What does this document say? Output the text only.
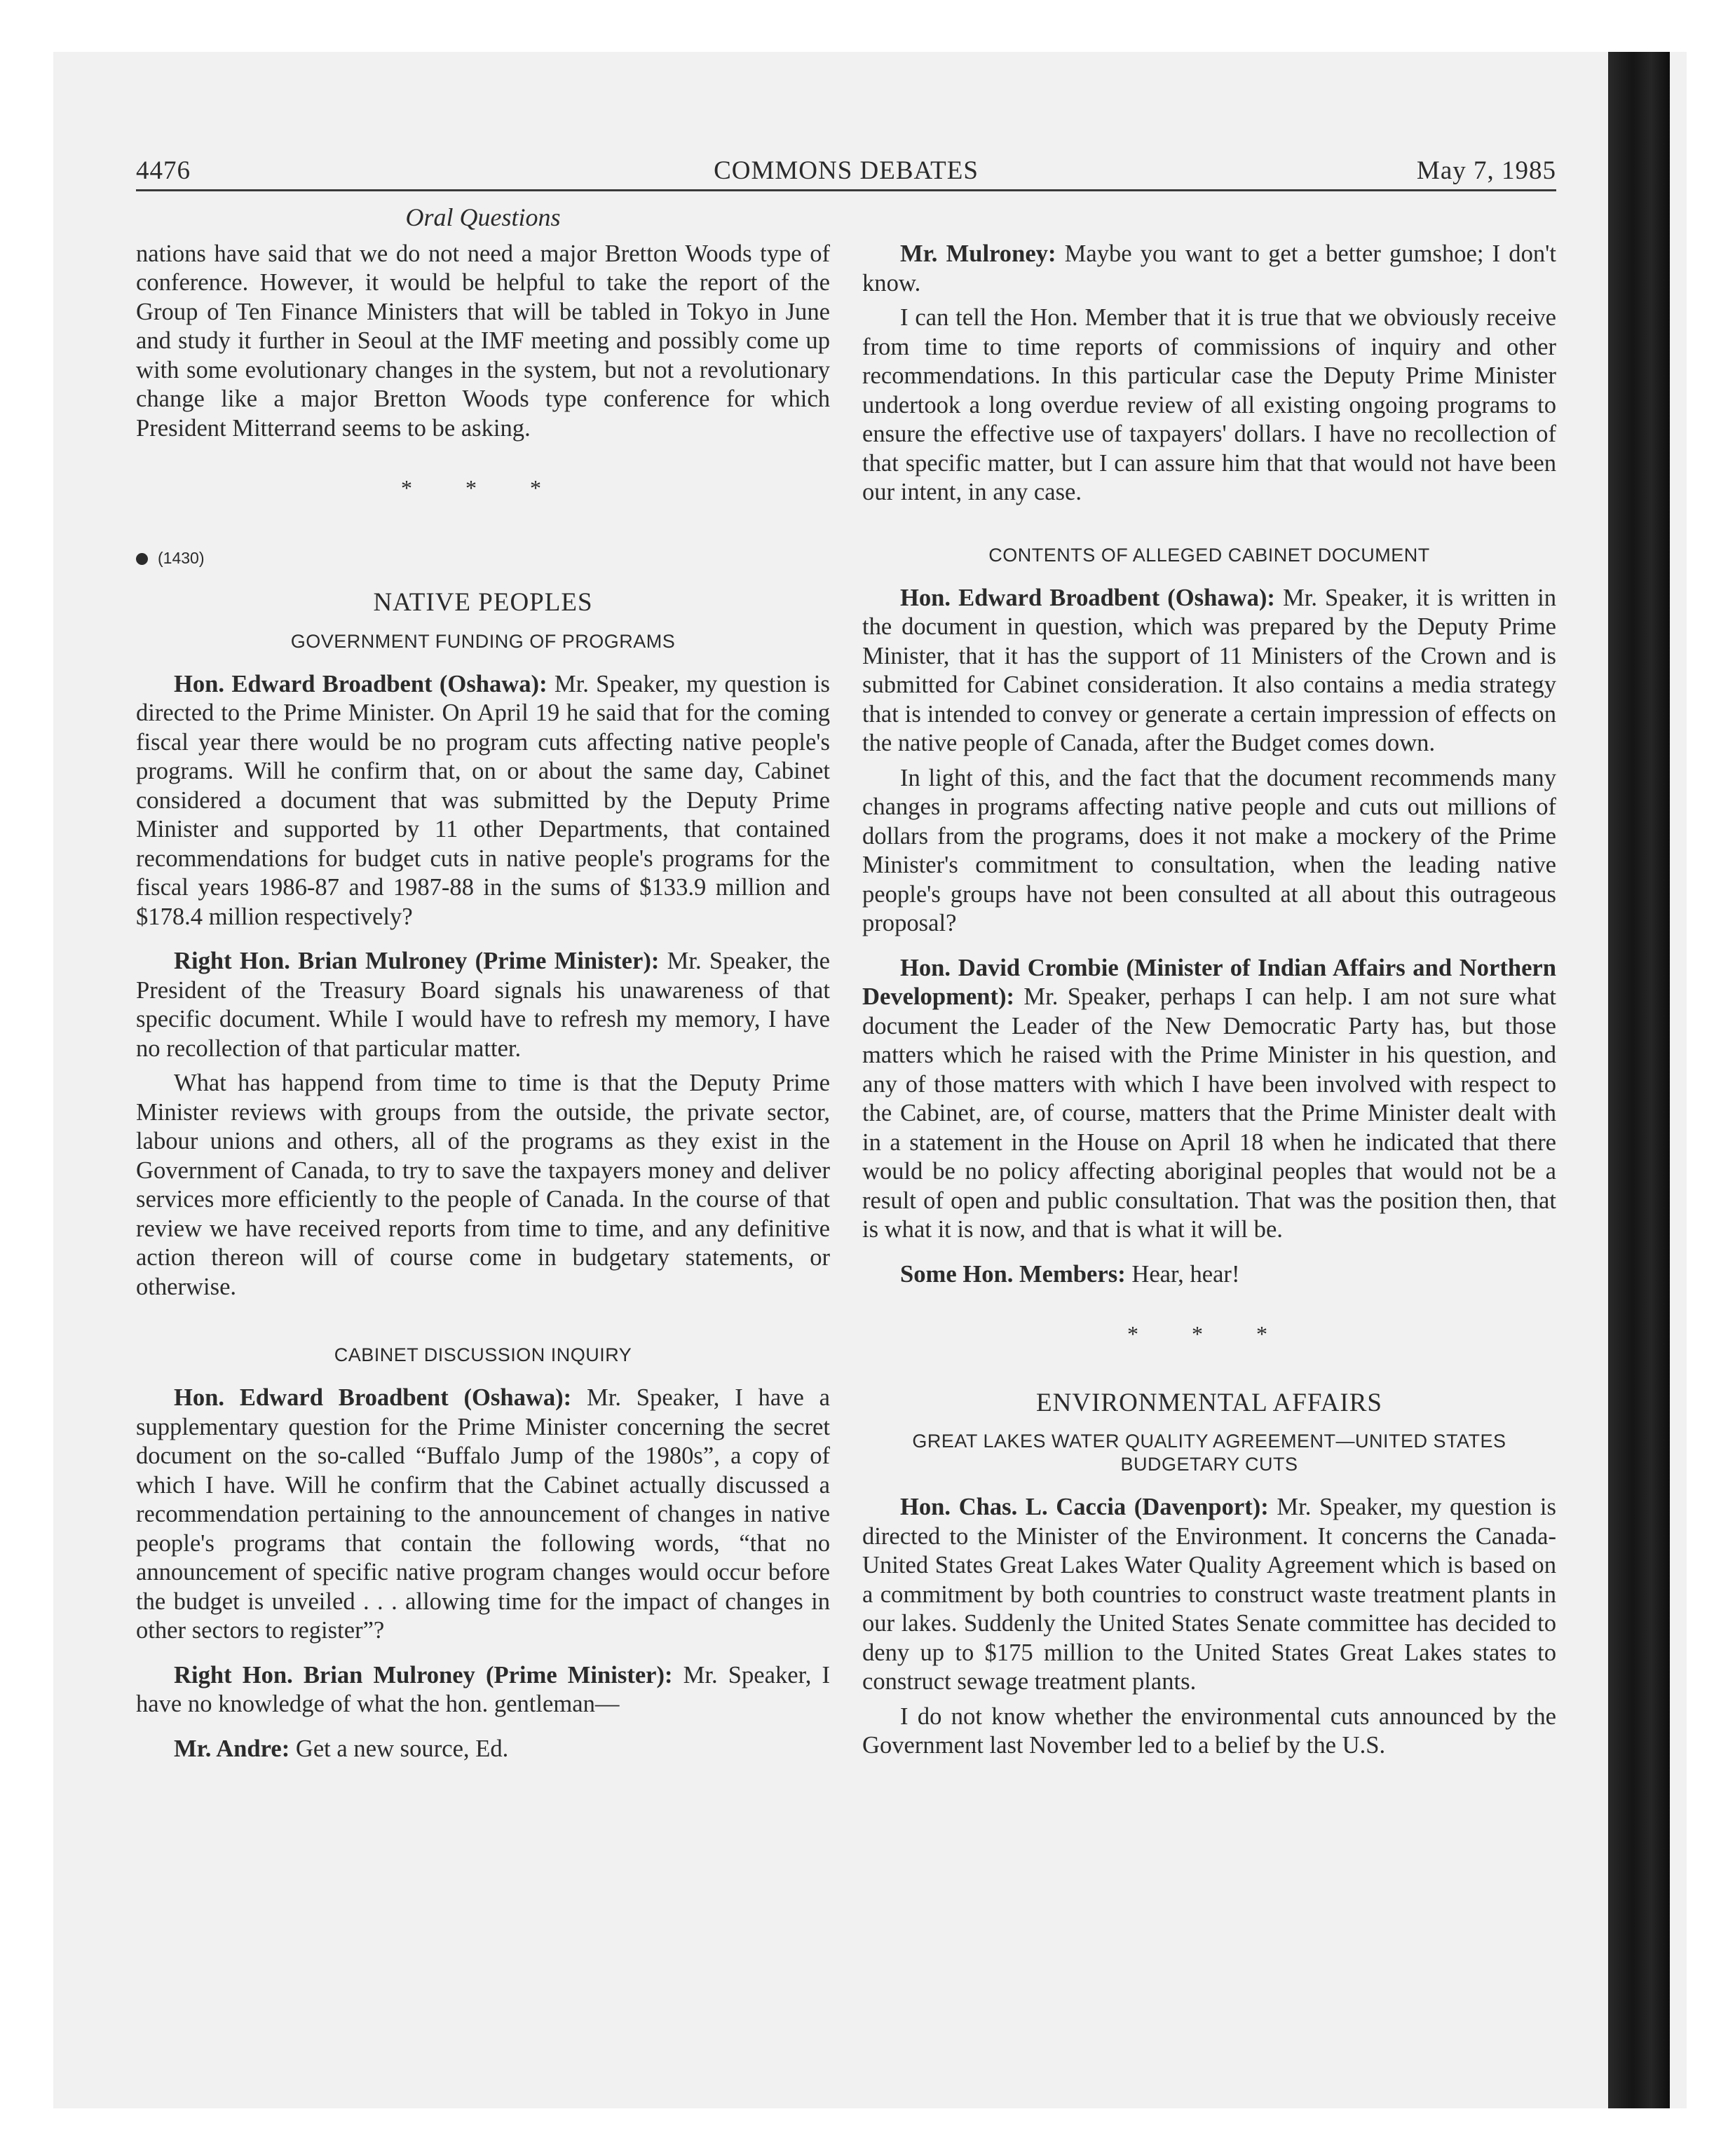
4476	COMMONS DEBATES	May 7, 1985
Oral Questions

nations have said that we do not need a major Bretton Woods type of conference. However, it would be helpful to take the report of the Group of Ten Finance Ministers that will be tabled in Tokyo in June and study it further in Seoul at the IMF meeting and possibly come up with some evolutionary changes in the system, but not a revolutionary change like a major Bretton Woods type conference for which President Mitterrand seems to be asking.

* * *
(1430)
NATIVE PEOPLES
GOVERNMENT FUNDING OF PROGRAMS

Hon. Edward Broadbent (Oshawa): Mr. Speaker, my question is directed to the Prime Minister. On April 19 he said that for the coming fiscal year there would be no program cuts affecting native people's programs. Will he confirm that, on or about the same day, Cabinet considered a document that was submitted by the Deputy Prime Minister and supported by 11 other Departments, that contained recommendations for budget cuts in native people's programs for the fiscal years 1986-87 and 1987-88 in the sums of $133.9 million and $178.4 million respectively?

Right Hon. Brian Mulroney (Prime Minister): Mr. Speaker, the President of the Treasury Board signals his unawareness of that specific document. While I would have to refresh my memory, I have no recollection of that particular matter.

What has happend from time to time is that the Deputy Prime Minister reviews with groups from the outside, the private sector, labour unions and others, all of the programs as they exist in the Government of Canada, to try to save the taxpayers money and deliver services more efficiently to the people of Canada. In the course of that review we have received reports from time to time, and any definitive action thereon will of course come in budgetary statements, or otherwise.

CABINET DISCUSSION INQUIRY

Hon. Edward Broadbent (Oshawa): Mr. Speaker, I have a supplementary question for the Prime Minister concerning the secret document on the so-called “Buffalo Jump of the 1980s”, a copy of which I have. Will he confirm that the Cabinet actually discussed a recommendation pertaining to the announcement of changes in native people's programs that contain the following words, “that no announcement of specific native program changes would occur before the budget is unveiled . . . allowing time for the impact of changes in other sectors to register”?

Right Hon. Brian Mulroney (Prime Minister): Mr. Speaker, I have no knowledge of what the hon. gentleman—

Mr. Andre: Get a new source, Ed.

Mr. Mulroney: Maybe you want to get a better gumshoe; I don't know.

I can tell the Hon. Member that it is true that we obviously receive from time to time reports of commissions of inquiry and other recommendations. In this particular case the Deputy Prime Minister undertook a long overdue review of all existing ongoing programs to ensure the effective use of taxpayers' dollars. I have no recollection of that specific matter, but I can assure him that that would not have been our intent, in any case.

CONTENTS OF ALLEGED CABINET DOCUMENT

Hon. Edward Broadbent (Oshawa): Mr. Speaker, it is written in the document in question, which was prepared by the Deputy Prime Minister, that it has the support of 11 Ministers of the Crown and is submitted for Cabinet consideration. It also contains a media strategy that is intended to convey or generate a certain impression of effects on the native people of Canada, after the Budget comes down.

In light of this, and the fact that the document recommends many changes in programs affecting native people and cuts out millions of dollars from the programs, does it not make a mockery of the Prime Minister's commitment to consultation, when the leading native people's groups have not been consulted at all about this outrageous proposal?

Hon. David Crombie (Minister of Indian Affairs and Northern Development): Mr. Speaker, perhaps I can help. I am not sure what document the Leader of the New Democratic Party has, but those matters which he raised with the Prime Minister in his question, and any of those matters with which I have been involved with respect to the Cabinet, are, of course, matters that the Prime Minister dealt with in a statement in the House on April 18 when he indicated that there would be no policy affecting aboriginal peoples that would not be a result of open and public consultation. That was the position then, that is what it is now, and that is what it will be.

Some Hon. Members: Hear, hear!

* * *
ENVIRONMENTAL AFFAIRS
GREAT LAKES WATER QUALITY AGREEMENT—UNITED STATES BUDGETARY CUTS

Hon. Chas. L. Caccia (Davenport): Mr. Speaker, my question is directed to the Minister of the Environment. It concerns the Canada-United States Great Lakes Water Quality Agreement which is based on a commitment by both countries to construct waste treatment plants in our lakes. Suddenly the United States Senate committee has decided to deny up to $175 million to the United States Great Lakes states to construct sewage treatment plants.

I do not know whether the environmental cuts announced by the Government last November led to a belief by the U.S.
